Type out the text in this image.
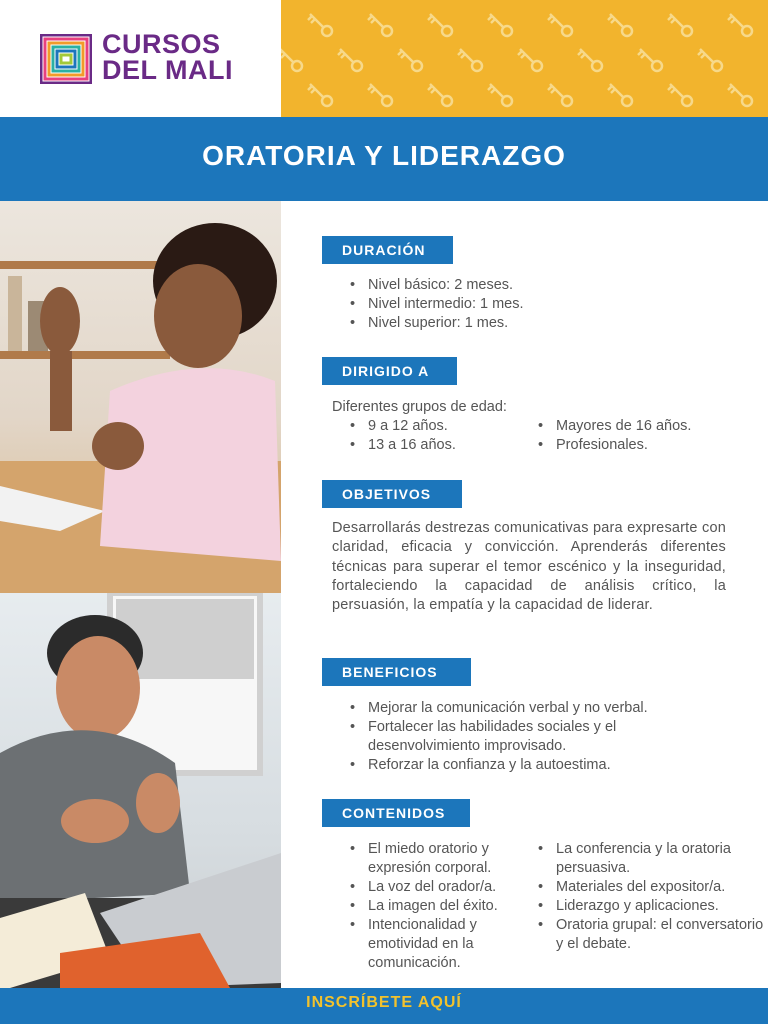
CURSOS
DEL MALI
ORATORIA Y LIDERAZGO
DURACIÓN
• Nivel básico: 2 meses.
• Nivel intermedio: 1 mes.
• Nivel superior: 1 mes.
DIRIGIDO A
Diferentes grupos de edad:
• 9 a 12 años.
• 13 a 16 años.
• Mayores de 16 años.
• Profesionales.
OBJETIVOS
Desarrollarás destrezas comunicativas para expresarte con claridad, eficacia y convicción. Aprenderás diferentes técnicas para superar el temor escénico y la inseguridad, fortaleciendo la capacidad de análisis crítico, la persuasión, la empatía y la capacidad de liderar.
BENEFICIOS
• Mejorar la comunicación verbal y no verbal.
• Fortalecer las habilidades sociales y el desenvolvimiento improvisado.
• Reforzar la confianza y la autoestima.
CONTENIDOS
• El miedo oratorio y expresión corporal.
• La voz del orador/a.
• La imagen del éxito.
• Intencionalidad y emotividad en la comunicación.
• La conferencia y la oratoria persuasiva.
• Materiales del expositor/a.
• Liderazgo y aplicaciones.
• Oratoria grupal: el conversatorio y el debate.
INSCRÍBETE AQUÍ
